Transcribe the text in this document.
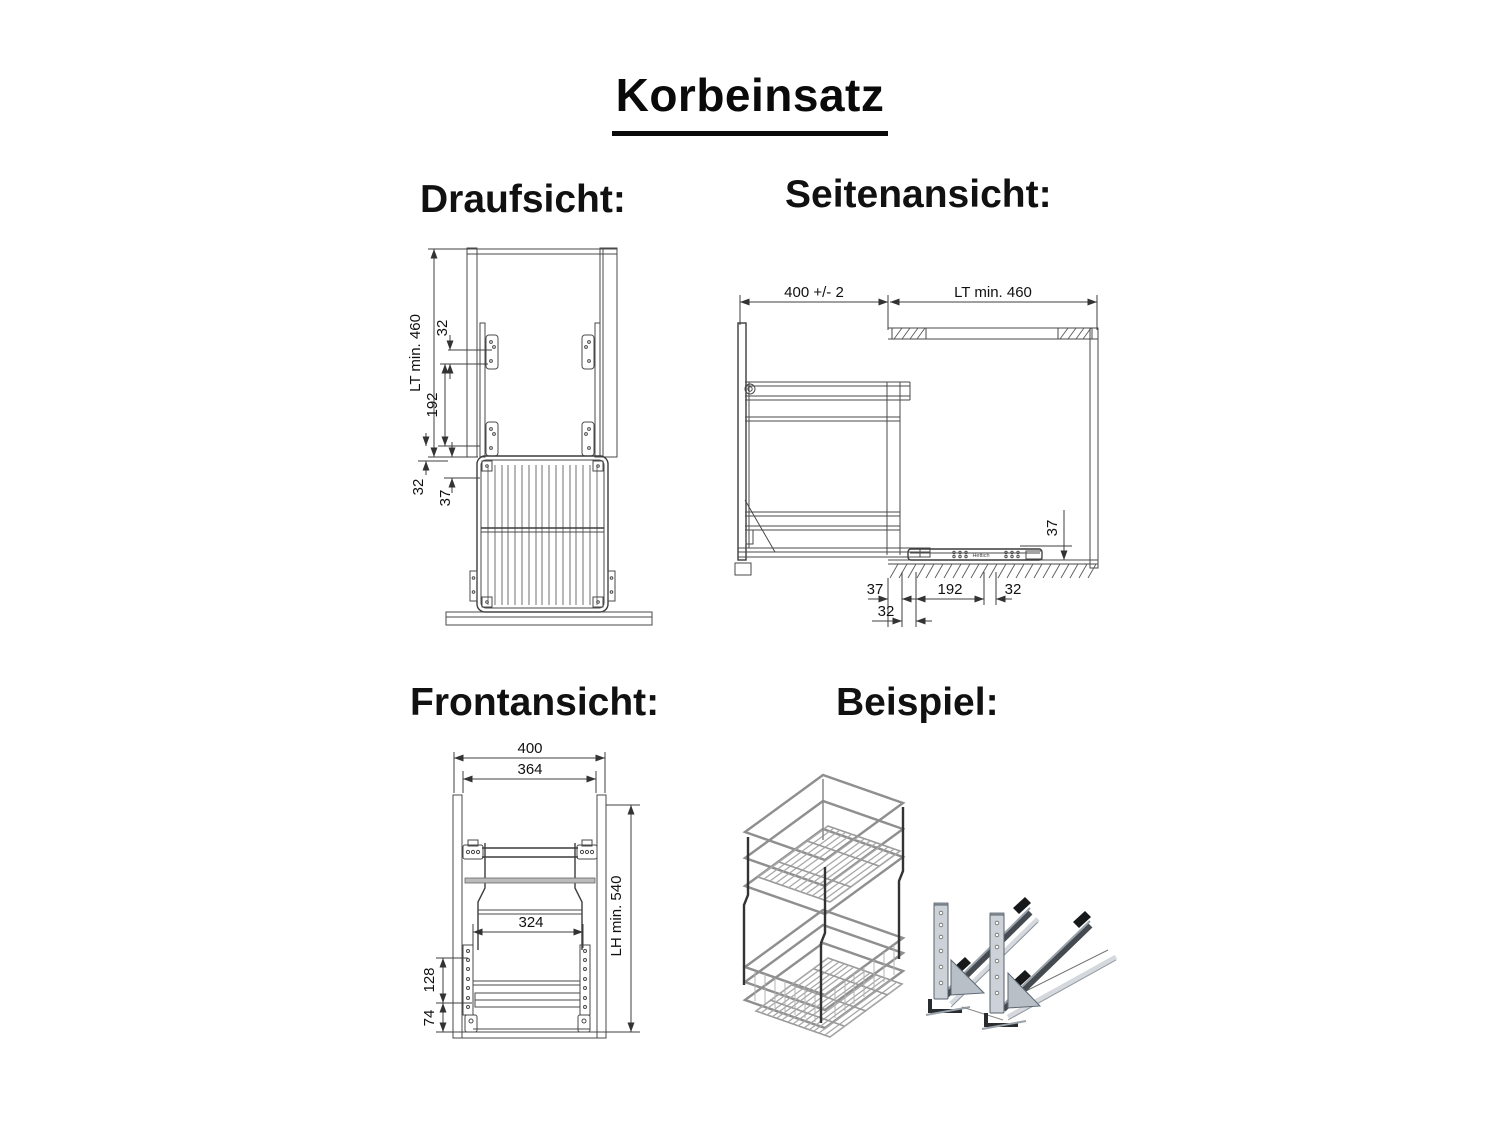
Korbeinsatz
Draufsicht:	Seitenansicht:
Frontansicht:	Beispiel:
LT min. 460 32
192
32
37
400 +/- 2	LT min. 460
Hettich
37
37	192	32
32
400
364
324
128
74
LH min. 540
